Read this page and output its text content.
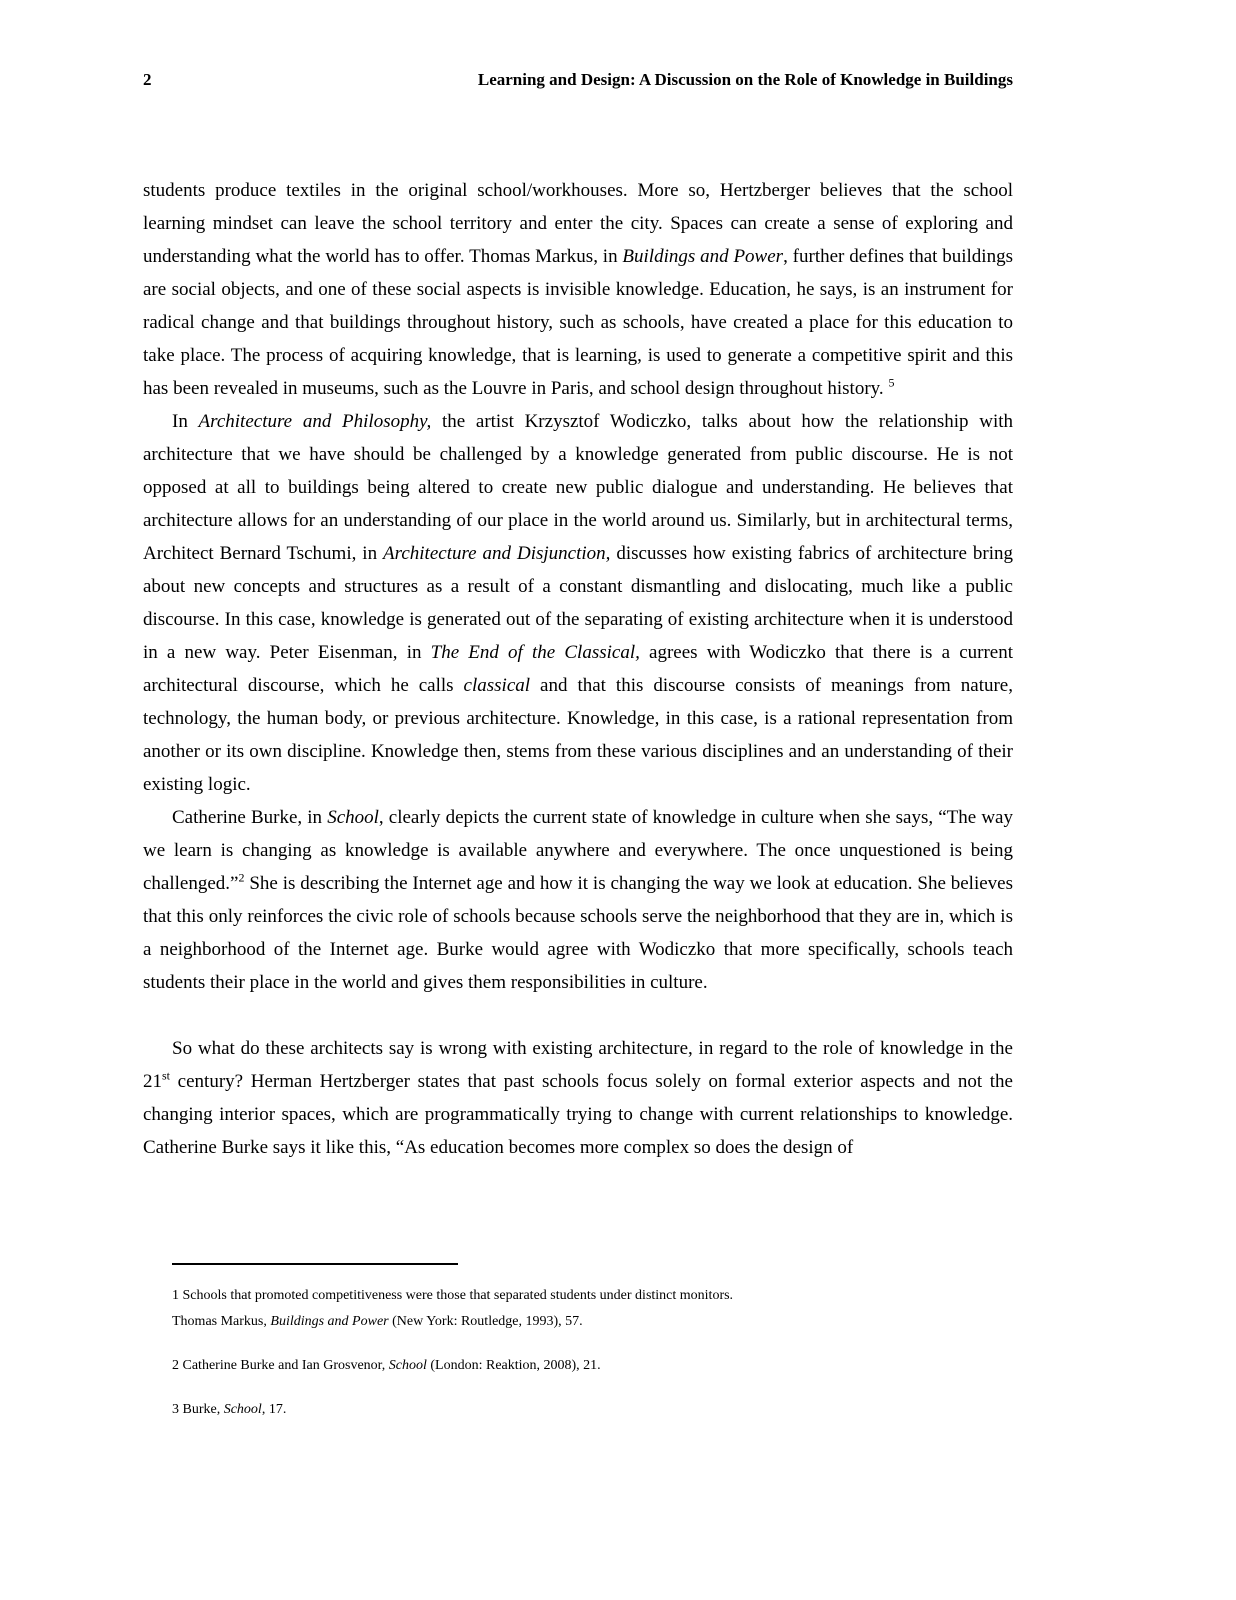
2	Learning and Design: A Discussion on the Role of Knowledge in Buildings

students produce textiles in the original school/workhouses. More so, Hertzberger believes that the school learning mindset can leave the school territory and enter the city. Spaces can create a sense of exploring and understanding what the world has to offer. Thomas Markus, in Buildings and Power, further defines that buildings are social objects, and one of these social aspects is invisible knowledge. Education, he says, is an instrument for radical change and that buildings throughout history, such as schools, have created a place for this education to take place. The process of acquiring knowledge, that is learning, is used to generate a competitive spirit and this has been revealed in museums, such as the Louvre in Paris, and school design throughout history. $^5$

In Architecture and Philosophy, the artist Krzysztof Wodiczko, talks about how the relationship with architecture that we have should be challenged by a knowledge generated from public discourse. He is not opposed at all to buildings being altered to create new public dialogue and understanding. He believes that architecture allows for an understanding of our place in the world around us. Similarly, but in architectural terms, Architect Bernard Tschumi, in Architecture and Disjunction, discusses how existing fabrics of architecture bring about new concepts and structures as a result of a constant dismantling and dislocating, much like a public discourse. In this case, knowledge is generated out of the separating of existing architecture when it is understood in a new way. Peter Eisenman, in The End of the Classical, agrees with Wodiczko that there is a current architectural discourse, which he calls classical and that this discourse consists of meanings from nature, technology, the human body, or previous architecture. Knowledge, in this case, is a rational representation from another or its own discipline. Knowledge then, stems from these various disciplines and an understanding of their existing logic.

Catherine Burke, in School, clearly depicts the current state of knowledge in culture when she says, “The way we learn is changing as knowledge is available anywhere and everywhere. The once unquestioned is being challenged.”$^2$ She is describing the Internet age and how it is changing the way we look at education. She believes that this only reinforces the civic role of schools because schools serve the neighborhood that they are in, which is a neighborhood of the Internet age. Burke would agree with Wodiczko that more specifically, schools teach students their place in the world and gives them responsibilities in culture.

So what do these architects say is wrong with existing architecture, in regard to the role of knowledge in the 21st century? Herman Hertzberger states that past schools focus solely on formal exterior aspects and not the changing interior spaces, which are programmatically trying to change with current relationships to knowledge. Catherine Burke says it like this, “As education becomes more complex so does the design of

1 Schools that promoted competitiveness were those that separated students under distinct monitors.

Thomas Markus, Buildings and Power (New York: Routledge, 1993), 57.

2 Catherine Burke and Ian Grosvenor, School (London: Reaktion, 2008), 21.

3 Burke, School, 17.
